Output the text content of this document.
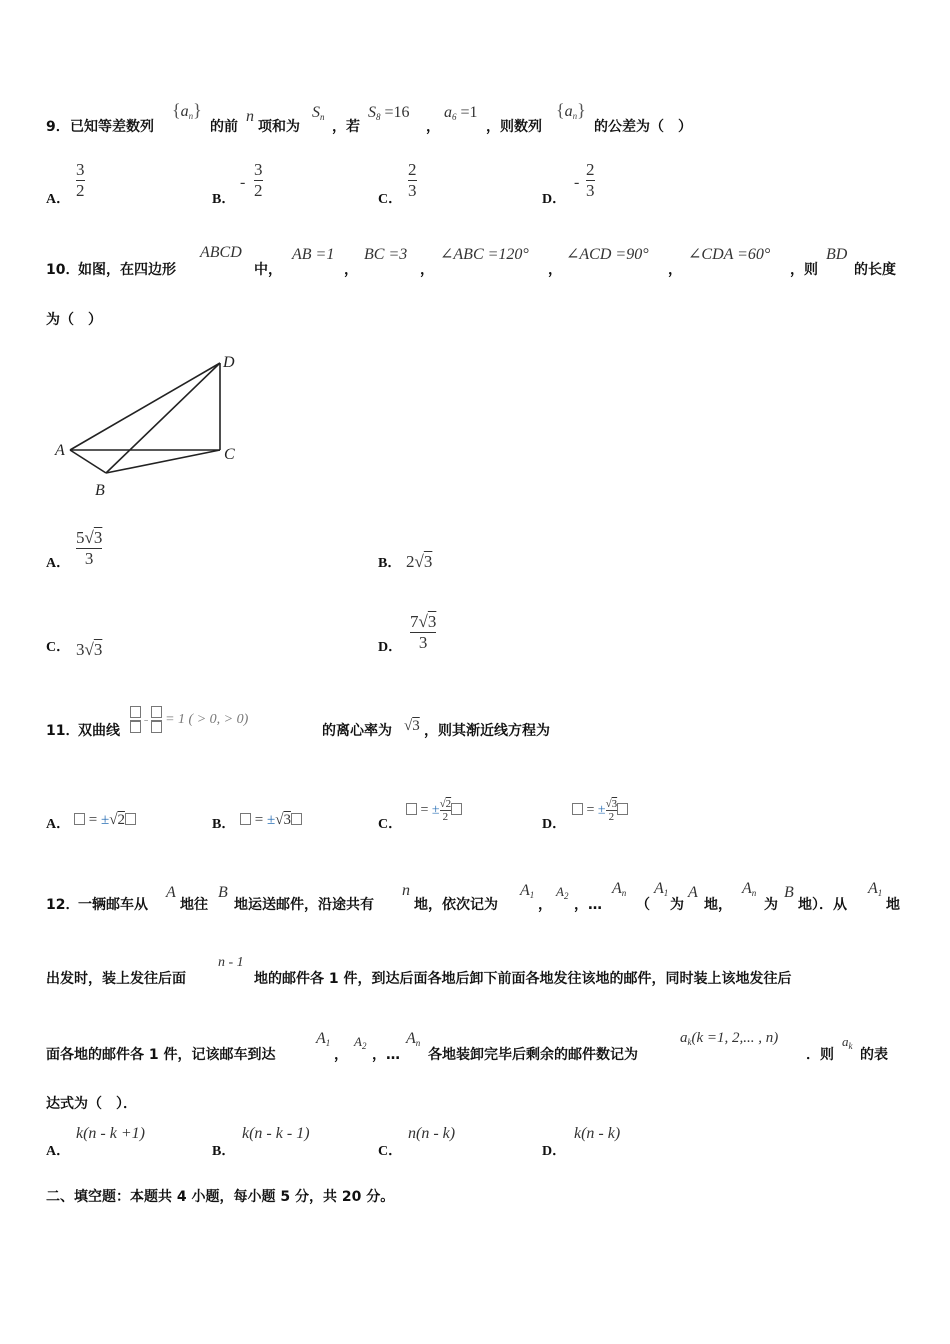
9． 已知等差数列
$\{a_n\}$
的前
n
项和为
$S_n$
，若
$S_8 =16$
，
$a_6 =1$
，则数列
$\{a_n\}$
的公差为（　）
A．
3
2	B．
-
3
2	C．
2
3	D．
-
2
3
10．
如图，在四边形
ABCD
中，
AB =1
，
BC =3
，
∠ABC =120°
，
∠ACD =90°
，
∠CDA =60°
，则
BD
的长度
为（　）
A
B
C
D
A．
5√3
3	B． 2√3
C． 3√3	D．
7√3
3
11．
双曲线

–

= 1 ( > 0, > 0)
的离心率为 √3 ，则其渐近线方程为
A． = ±√2	B．	= ±√3	C．
= ± $\frac{√2}{2}$
D．
= ± $\frac{√3}{2}$
12．
一辆邮车从
A
地往
B
地运送邮件，沿途共有
n
地，依次记为
$A_1$
，
$A_2$
，…
$A_n$
（
$A_1$
为
A
地，
$A_n$
为
B
地）．从
$A_1$
地
出发时，装上发往后面
n - 1
地的邮件各 1 件，到达后面各地后卸下前面各地发往该地的邮件，同时装上该地发往后
面各地的邮件各 1 件，记该邮车到达
$A_1$
，
$A_2$
，…
$A_n$
各地装卸完毕后剩余的邮件数记为
$a_k(k =1$, 2,... , n)
．则
$a_k$
的表
达式为（　）．
A．
k(n - k +1)
B．
k(n - k - 1)
C．
n(n - k)
D．
k(n - k)
二、填空题：本题共 4 小题，每小题 5 分，共 20 分。
